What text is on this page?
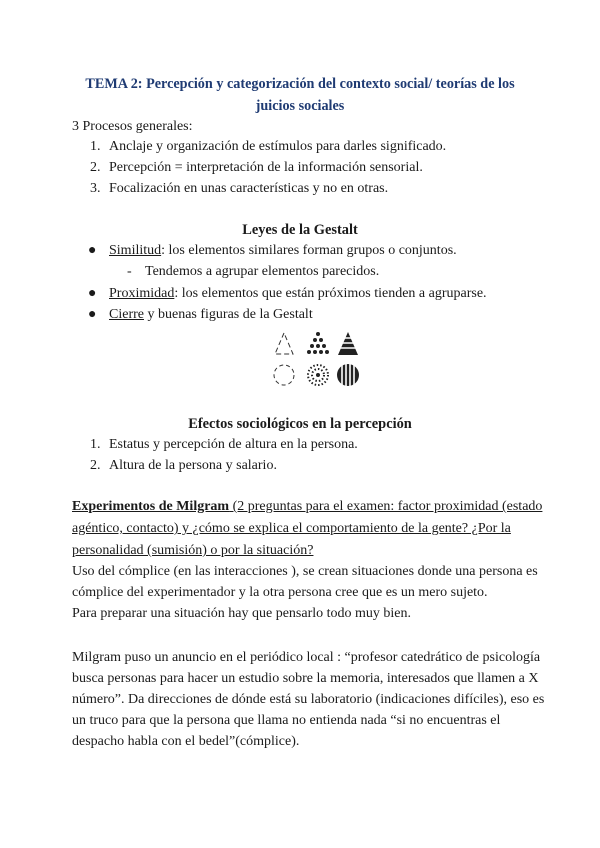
TEMA 2: Percepción y categorización del contexto social/ teorías de los juicios sociales
3 Procesos generales:
1. Anclaje y organización de estímulos para darles significado.
2. Percepción = interpretación de la información sensorial.
3. Focalización en unas características y no en otras.
Leyes de la Gestalt
● Similitud: los elementos similares forman grupos o conjuntos.
- Tendemos a agrupar elementos parecidos.
● Proximidad: los elementos que están próximos tienden a agruparse.
● Cierre y buenas figuras de la Gestalt
Efectos sociológicos en la percepción
1. Estatus y percepción de altura en la persona.
2. Altura de la persona y salario.
Experimentos de Milgram (2 preguntas para el examen: factor proximidad (estado
agéntico, contacto) y ¿cómo se explica el comportamiento de la gente? ¿Por la
personalidad (sumisión) o por la situación?
Uso del cómplice (en las interacciones ), se crean situaciones donde una persona es
cómplice del experimentador y la otra persona cree que es un mero sujeto.
Para preparar una situación hay que pensarlo todo muy bien.
Milgram puso un anuncio en el periódico local : “profesor catedrático de psicología
busca personas para hacer un estudio sobre la memoria, interesados que llamen a X
número”. Da direcciones de dónde está su laboratorio (indicaciones difíciles), eso es
un truco para que la persona que llama no entienda nada “si no encuentras el
despacho habla con el bedel”(cómplice).
